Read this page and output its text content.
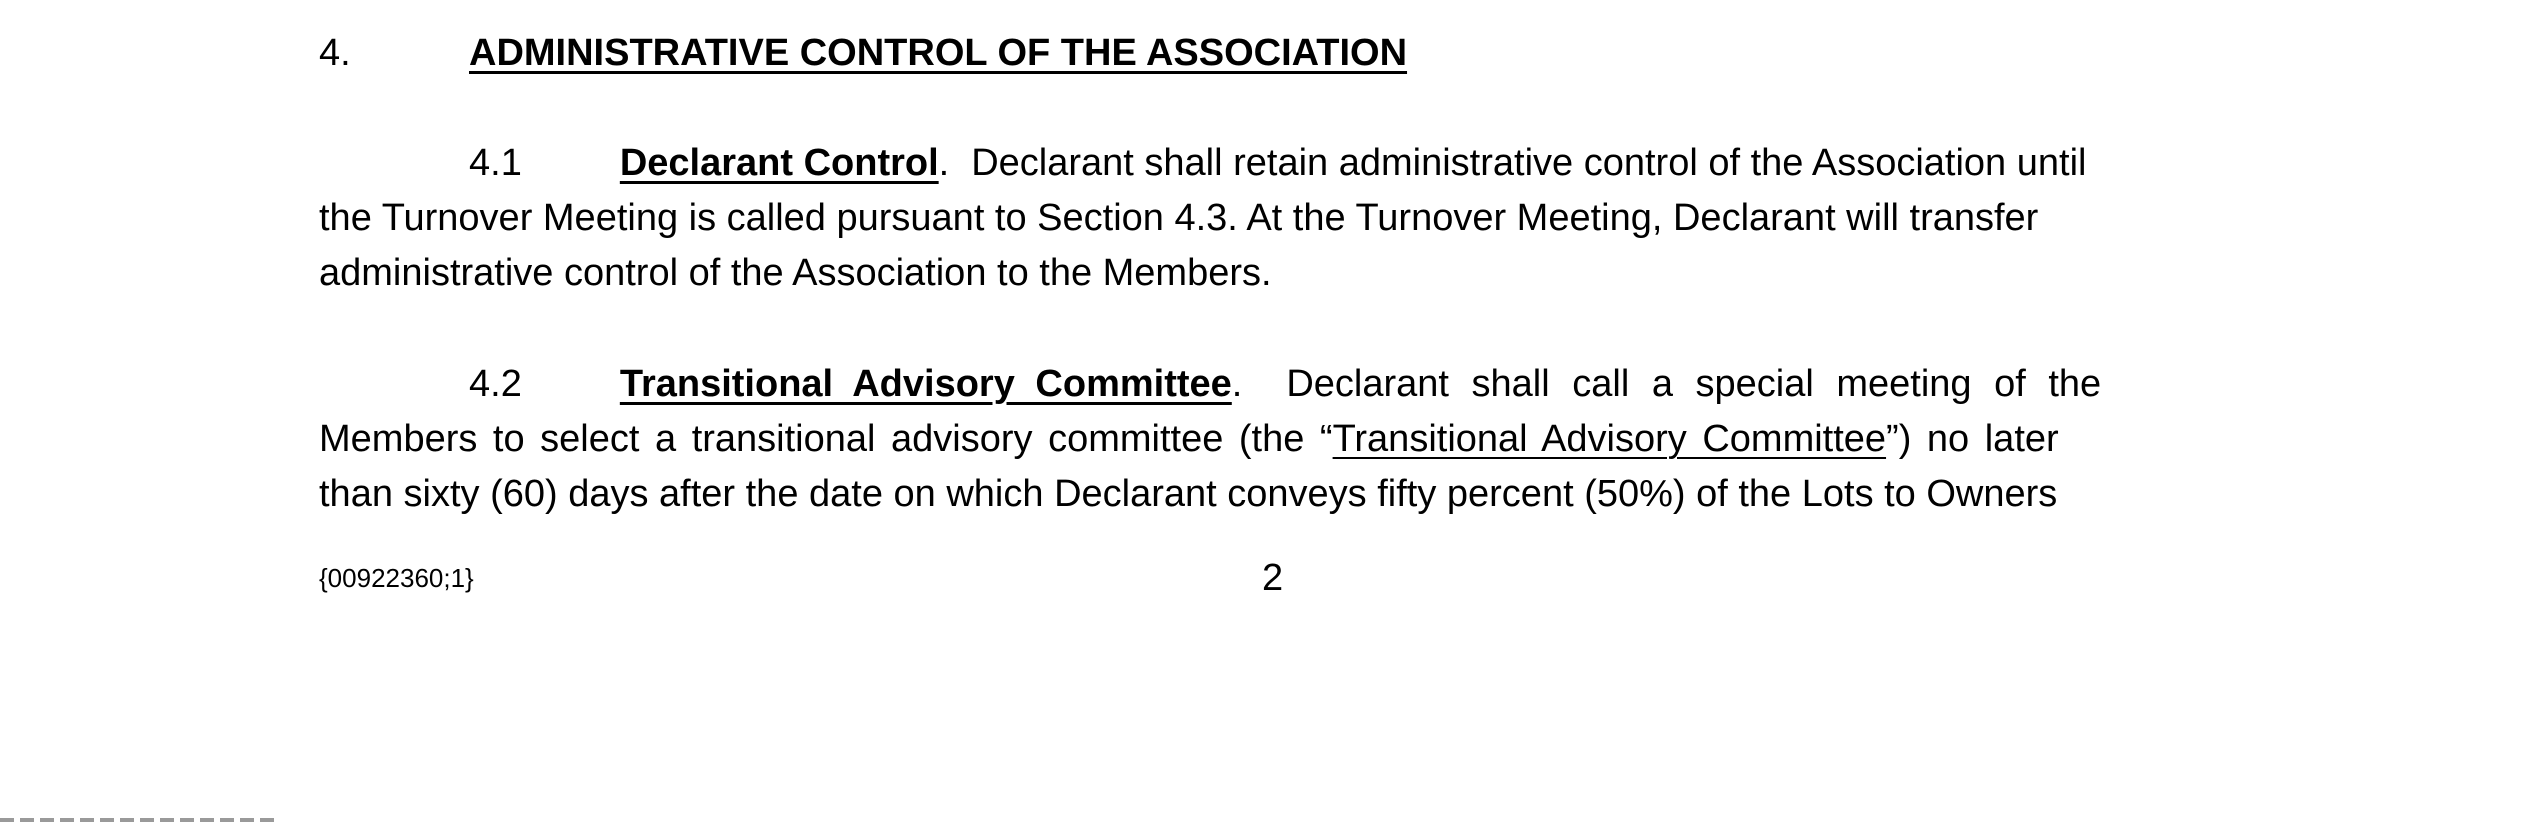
4.	ADMINISTRATIVE CONTROL OF THE ASSOCIATION
4.1	Declarant Control. Declarant shall retain administrative control of the Association until
the Turnover Meeting is called pursuant to Section 4.3. At the Turnover Meeting, Declarant will transfer
administrative control of the Association to the Members.
4.2	Transitional Advisory Committee. Declarant shall call a special meeting of the
Members to select a transitional advisory committee (the “Transitional Advisory Committee”) no later
than sixty (60) days after the date on which Declarant conveys fifty percent (50%) of the Lots to Owners
{00922360;1}	2
